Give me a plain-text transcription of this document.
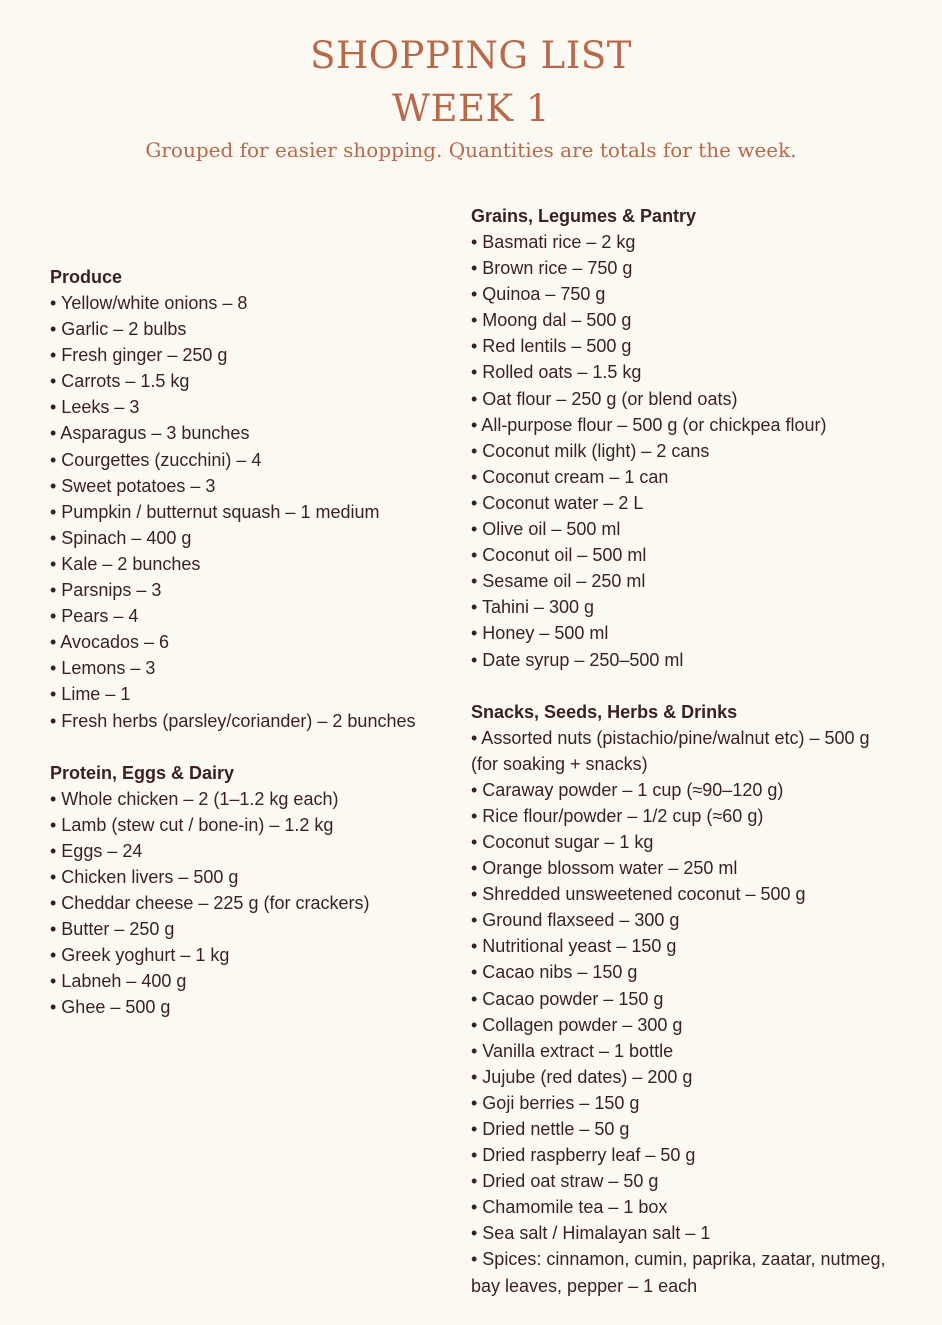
SHOPPING LIST
WEEK 1
Grouped for easier shopping. Quantities are totals for the week.
Produce
• Yellow/white onions – 8
• Garlic – 2 bulbs
• Fresh ginger – 250 g
• Carrots – 1.5 kg
• Leeks – 3
• Asparagus – 3 bunches
• Courgettes (zucchini) – 4
• Sweet potatoes – 3
• Pumpkin / butternut squash – 1 medium
• Spinach – 400 g
• Kale – 2 bunches
• Parsnips – 3
• Pears – 4
• Avocados – 6
• Lemons – 3
• Lime – 1
• Fresh herbs (parsley/coriander) – 2 bunches
Protein, Eggs & Dairy
• Whole chicken – 2 (1–1.2 kg each)
• Lamb (stew cut / bone-in) – 1.2 kg
• Eggs – 24
• Chicken livers – 500 g
• Cheddar cheese – 225 g (for crackers)
• Butter – 250 g
• Greek yoghurt – 1 kg
• Labneh – 400 g
• Ghee – 500 g
Grains, Legumes & Pantry
• Basmati rice – 2 kg
• Brown rice – 750 g
• Quinoa – 750 g
• Moong dal – 500 g
• Red lentils – 500 g
• Rolled oats – 1.5 kg
• Oat flour – 250 g (or blend oats)
• All-purpose flour – 500 g (or chickpea flour)
• Coconut milk (light) – 2 cans
• Coconut cream – 1 can
• Coconut water – 2 L
• Olive oil – 500 ml
• Coconut oil – 500 ml
• Sesame oil – 250 ml
• Tahini – 300 g
• Honey – 500 ml
• Date syrup – 250–500 ml
Snacks, Seeds, Herbs & Drinks
• Assorted nuts (pistachio/pine/walnut etc) – 500 g (for soaking + snacks)
• Caraway powder – 1 cup (≈90–120 g)
• Rice flour/powder – 1/2 cup (≈60 g)
• Coconut sugar – 1 kg
• Orange blossom water – 250 ml
• Shredded unsweetened coconut – 500 g
• Ground flaxseed – 300 g
• Nutritional yeast – 150 g
• Cacao nibs – 150 g
• Cacao powder – 150 g
• Collagen powder – 300 g
• Vanilla extract – 1 bottle
• Jujube (red dates) – 200 g
• Goji berries – 150 g
• Dried nettle – 50 g
• Dried raspberry leaf – 50 g
• Dried oat straw – 50 g
• Chamomile tea – 1 box
• Sea salt / Himalayan salt – 1
• Spices: cinnamon, cumin, paprika, zaatar, nutmeg, bay leaves, pepper – 1 each
